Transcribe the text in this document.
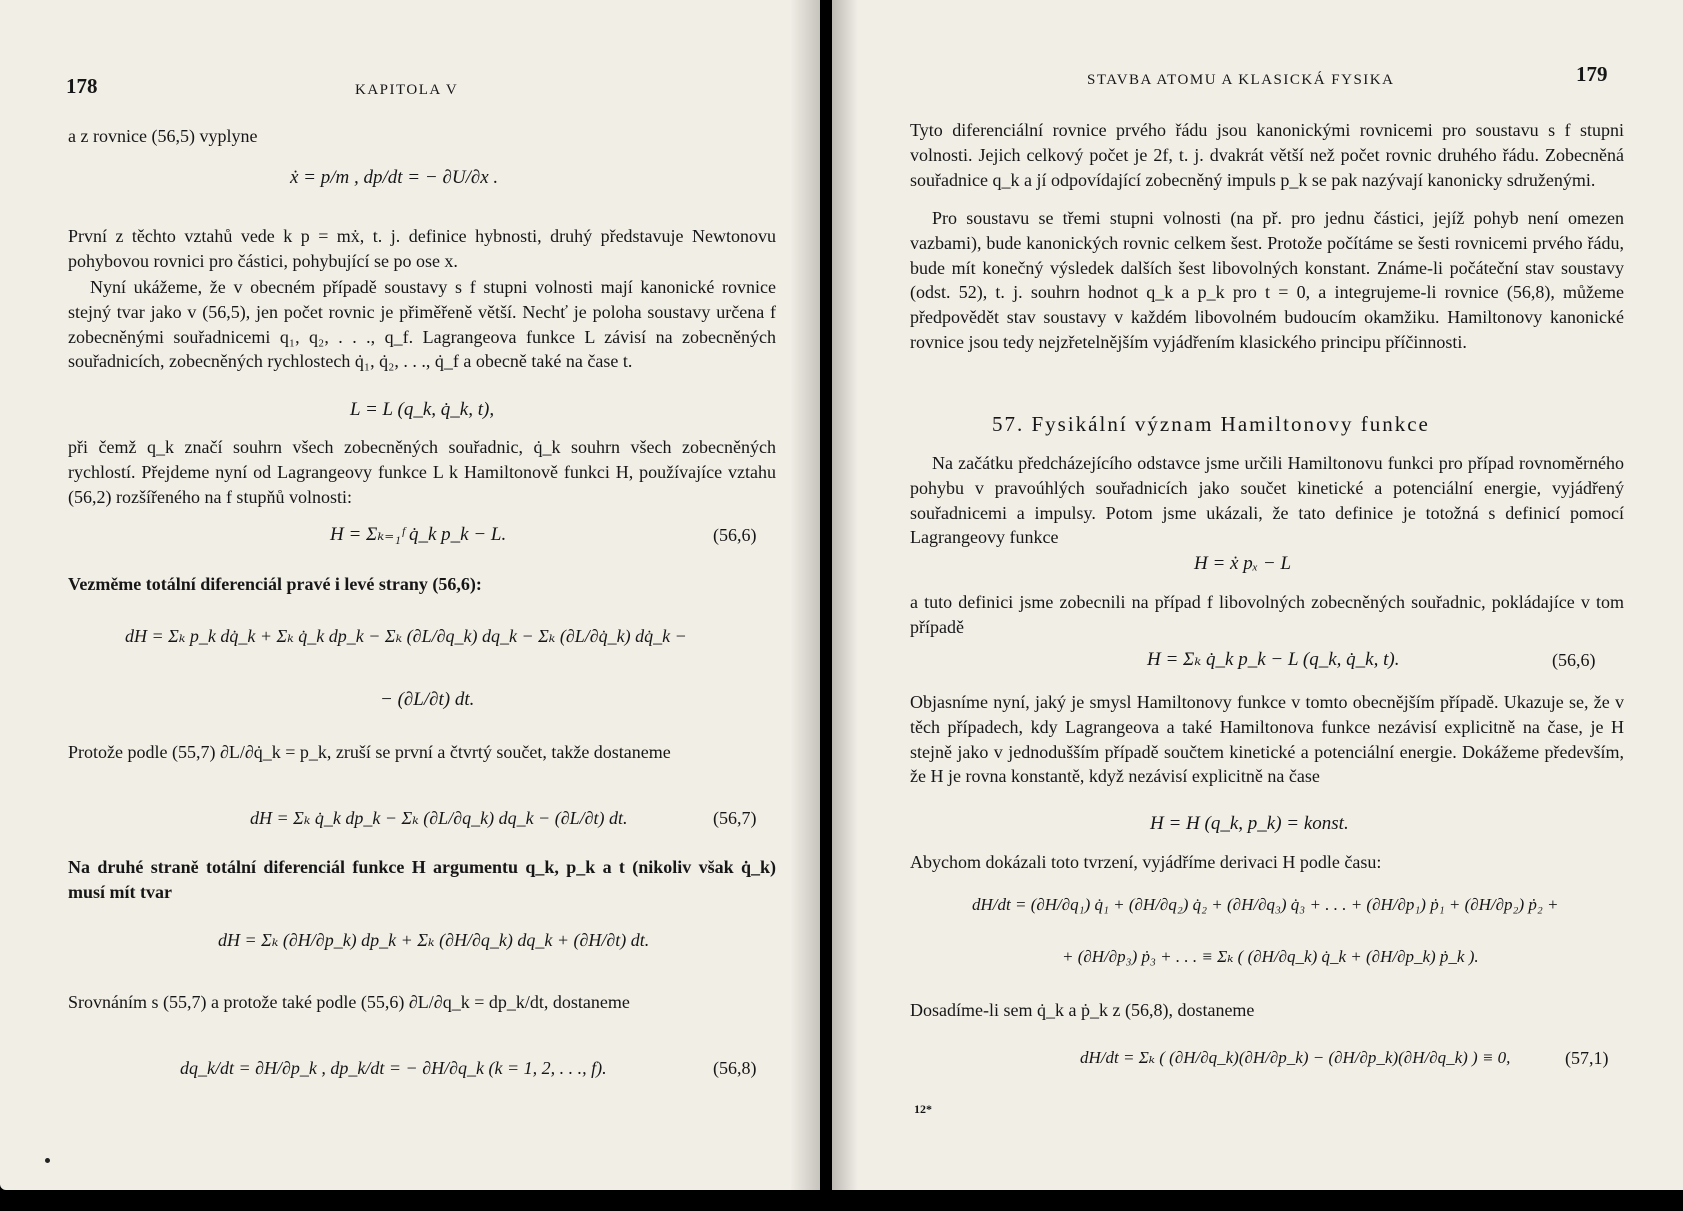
178	KAPITOLA V

a z rovnice (56,5) vyplyne

ẋ = p/m , dp/dt = − ∂U/∂x .

První z těchto vztahů vede k p = mẋ, t. j. definice hybnosti, druhý představuje Newtonovu pohybovou rovnici pro částici, pohybující se po ose x.

Nyní ukážeme, že v obecném případě soustavy s f stupni volnosti mají kanonické rovnice stejný tvar jako v (56,5), jen počet rovnic je přiměřeně větší. Nechť je poloha soustavy určena f zobecněnými souřadnicemi q₁, q₂, . . ., q_f. Lagrangeova funkce L závisí na zobecněných souřadnicích, zobecněných rychlostech q̇₁, q̇₂, . . ., q̇_f a obecně také na čase t.

L = L (q_k, q̇_k, t),

při čemž q_k značí souhrn všech zobecněných souřadnic, q̇_k souhrn všech zobecněných rychlostí. Přejdeme nyní od Lagrangeovy funkce L k Hamiltonově funkci H, používajíce vztahu (56,2) rozšířeného na f stupňů volnosti:

H = Σₖ₌₁ᶠ q̇_k p_k − L.	(56,6)

Vezměme totální diferenciál pravé i levé strany (56,6):

dH = Σₖ p_k dq̇_k + Σₖ q̇_k dp_k − Σₖ (∂L/∂q_k) dq_k − Σₖ (∂L/∂q̇_k) dq̇_k −
− (∂L/∂t) dt.

Protože podle (55,7) ∂L/∂q̇_k = p_k, zruší se první a čtvrtý součet, takže dostaneme

dH = Σₖ q̇_k dp_k − Σₖ (∂L/∂q_k) dq_k − (∂L/∂t) dt.	(56,7)

Na druhé straně totální diferenciál funkce H argumentu q_k, p_k a t (nikoliv však q̇_k) musí mít tvar

dH = Σₖ (∂H/∂p_k) dp_k + Σₖ (∂H/∂q_k) dq_k + (∂H/∂t) dt.

Srovnáním s (55,7) a protože také podle (55,6) ∂L/∂q_k = dp_k/dt, dostaneme

dq_k/dt = ∂H/∂p_k , dp_k/dt = − ∂H/∂q_k (k = 1, 2, . . ., f).	(56,8)
STAVBA ATOMU A KLASICKÁ FYSIKA	179

Tyto diferenciální rovnice prvého řádu jsou kanonickými rovnicemi pro soustavu s f stupni volnosti. Jejich celkový počet je 2f, t. j. dvakrát větší než počet rovnic druhého řádu. Zobecněná souřadnice q_k a jí odpovídající zobecněný impuls p_k se pak nazývají kanonicky sdruženými.

Pro soustavu se třemi stupni volnosti (na př. pro jednu částici, jejíž pohyb není omezen vazbami), bude kanonických rovnic celkem šest. Protože počítáme se šesti rovnicemi prvého řádu, bude mít konečný výsledek dalších šest libovolných konstant. Známe-li počáteční stav soustavy (odst. 52), t. j. souhrn hodnot q_k a p_k pro t = 0, a integrujeme-li rovnice (56,8), můžeme předpovědět stav soustavy v každém libovolném budoucím okamžiku. Hamiltonovy kanonické rovnice jsou tedy nejzřetelnějším vyjádřením klasického principu příčinnosti.

57. Fysikální význam Hamiltonovy funkce

Na začátku předcházejícího odstavce jsme určili Hamiltonovu funkci pro případ rovnoměrného pohybu v pravoúhlých souřadnicích jako součet kinetické a potenciální energie, vyjádřený souřadnicemi a impulsy. Potom jsme ukázali, že tato definice je totožná s definicí pomocí Lagrangeovy funkce

H = ẋ pₓ − L

a tuto definici jsme zobecnili na případ f libovolných zobecněných souřadnic, pokládajíce v tom případě

H = Σₖ q̇_k p_k − L (q_k, q̇_k, t).	(56,6)

Objasníme nyní, jaký je smysl Hamiltonovy funkce v tomto obecnějším případě. Ukazuje se, že v těch případech, kdy Lagrangeova a také Hamiltonova funkce nezávisí explicitně na čase, je H stejně jako v jednodušším případě součtem kinetické a potenciální energie. Dokážeme především, že H je rovna konstantě, když nezávisí explicitně na čase

H = H (q_k, p_k) = konst.

Abychom dokázali toto tvrzení, vyjádříme derivaci H podle času:

dH/dt = (∂H/∂q₁) q̇₁ + (∂H/∂q₂) q̇₂ + (∂H/∂q₃) q̇₃ + . . . + (∂H/∂p₁) ṗ₁ + (∂H/∂p₂) ṗ₂ +
+ (∂H/∂p₃) ṗ₃ + . . . ≡ Σₖ ( (∂H/∂q_k) q̇_k + (∂H/∂p_k) ṗ_k ).

Dosadíme-li sem q̇_k a ṗ_k z (56,8), dostaneme

dH/dt = Σₖ ( (∂H/∂q_k)(∂H/∂p_k) − (∂H/∂p_k)(∂H/∂q_k) ) ≡ 0,	(57,1)
12*
